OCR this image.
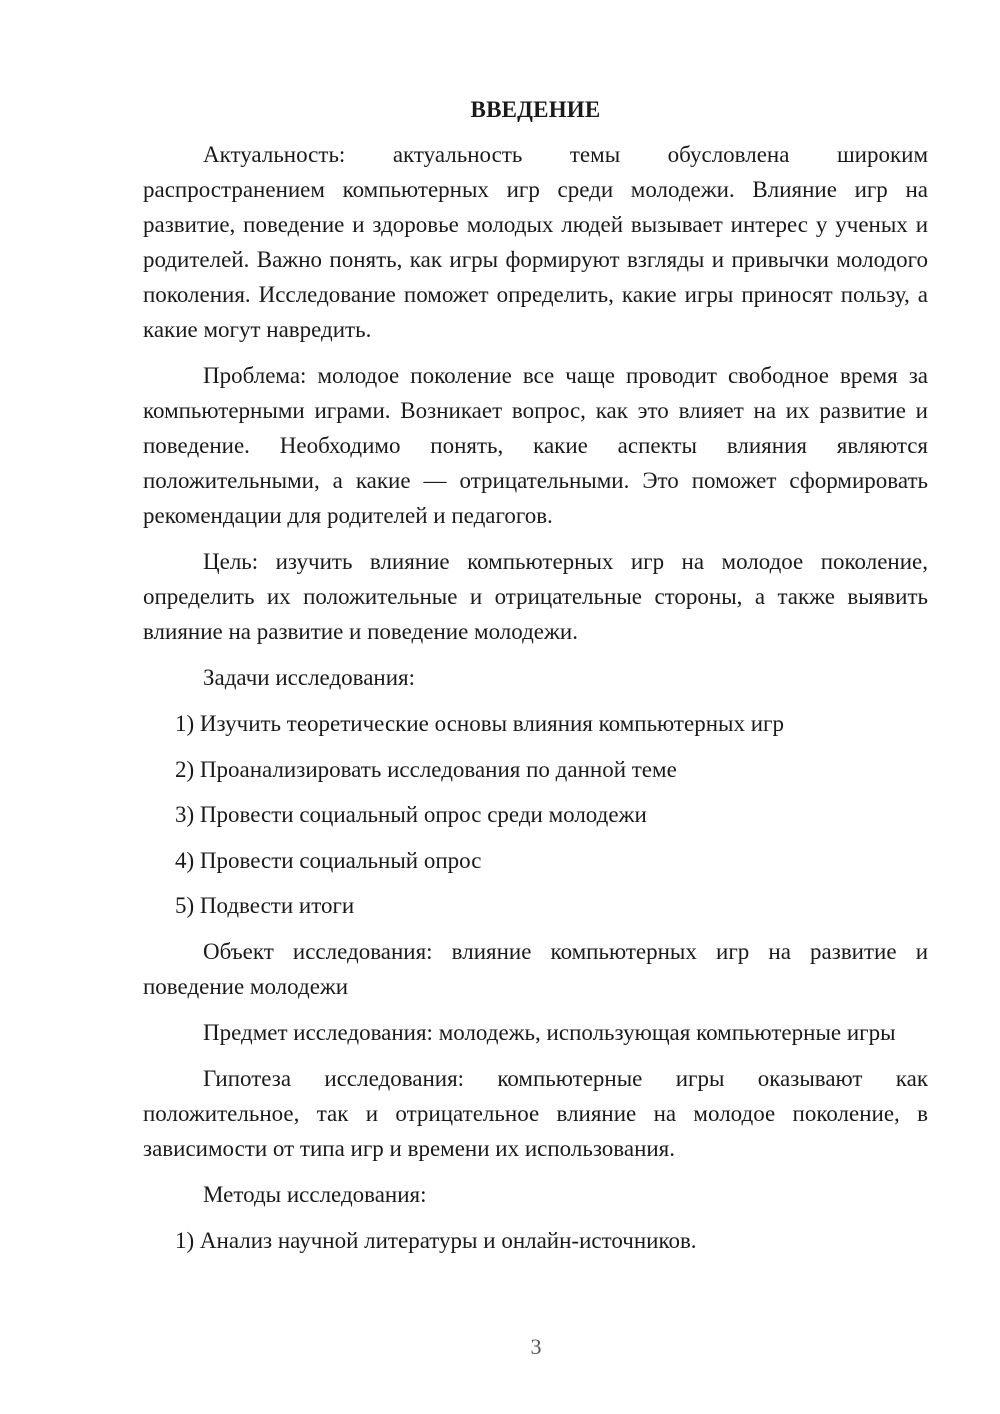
ВВЕДЕНИЕ

Актуальность: актуальность темы обусловлена широким распространением компьютерных игр среди молодежи. Влияние игр на развитие, поведение и здоровье молодых людей вызывает интерес у ученых и родителей. Важно понять, как игры формируют взгляды и привычки молодого поколения. Исследование поможет определить, какие игры приносят пользу, а какие могут навредить.

Проблема: молодое поколение все чаще проводит свободное время за компьютерными играми. Возникает вопрос, как это влияет на их развитие и поведение. Необходимо понять, какие аспекты влияния являются положительными, а какие — отрицательными. Это поможет сформировать рекомендации для родителей и педагогов.

Цель: изучить влияние компьютерных игр на молодое поколение, определить их положительные и отрицательные стороны, а также выявить влияние на развитие и поведение молодежи.

Задачи исследования:

1) Изучить теоретические основы влияния компьютерных игр

2) Проанализировать исследования по данной теме

3) Провести социальный опрос среди молодежи

4) Провести социальный опрос

5) Подвести итоги

Объект исследования: влияние компьютерных игр на развитие и поведение молодежи

Предмет исследования: молодежь, использующая компьютерные игры

Гипотеза исследования: компьютерные игры оказывают как положительное, так и отрицательное влияние на молодое поколение, в зависимости от типа игр и времени их использования.

Методы исследования:

1) Анализ научной литературы и онлайн-источников.

3
